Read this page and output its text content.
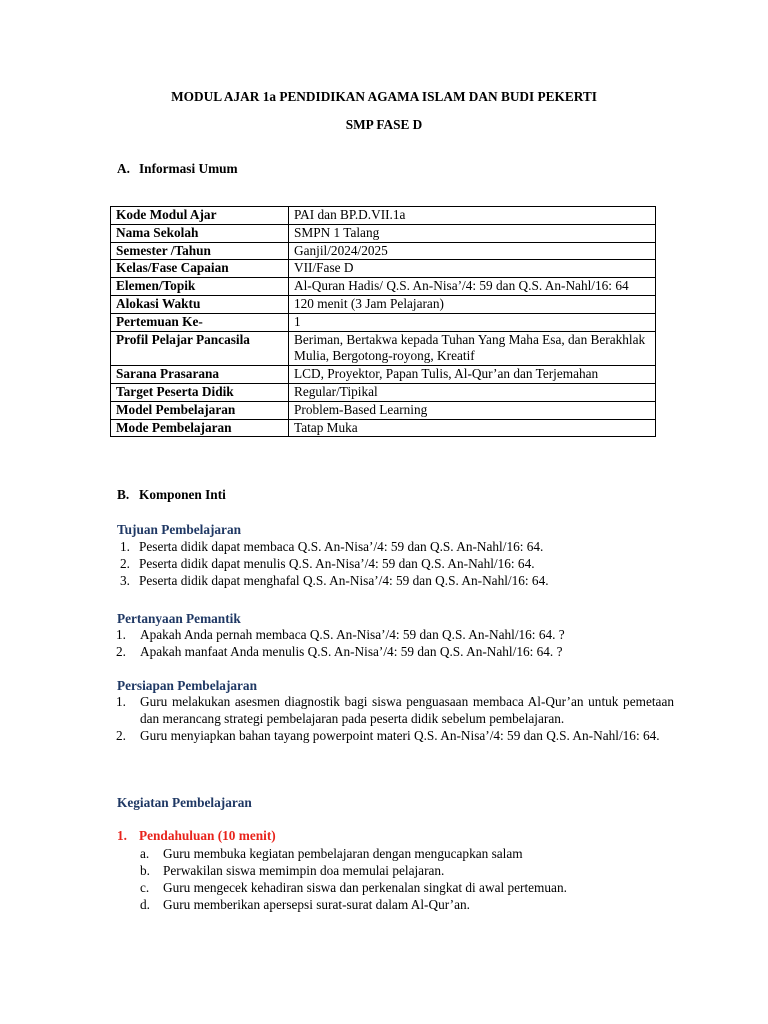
MODUL AJAR 1a PENDIDIKAN AGAMA ISLAM DAN BUDI PEKERTI
SMP FASE D
A. Informasi Umum
Kode Modul Ajar	PAI dan BP.D.VII.1a
Nama Sekolah	SMPN 1 Talang
Semester /Tahun	Ganjil/2024/2025
Kelas/Fase Capaian	VII/Fase D
Elemen/Topik	Al-Quran Hadis/ Q.S. An-Nisa’/4: 59 dan Q.S. An-Nahl/16: 64
Alokasi Waktu	120 menit (3 Jam Pelajaran)
Pertemuan Ke-	1
Profil Pelajar Pancasila	Beriman, Bertakwa kepada Tuhan Yang Maha Esa, dan Berakhlak Mulia, Bergotong-royong, Kreatif
Sarana Prasarana	LCD, Proyektor, Papan Tulis, Al-Qur’an dan Terjemahan
Target Peserta Didik	Regular/Tipikal
Model Pembelajaran	Problem-Based Learning
Mode Pembelajaran	Tatap Muka
B. Komponen Inti
Tujuan Pembelajaran
1. Peserta didik dapat membaca Q.S. An-Nisa’/4: 59 dan Q.S. An-Nahl/16: 64.
2. Peserta didik dapat menulis Q.S. An-Nisa’/4: 59 dan Q.S. An-Nahl/16: 64.
3. Peserta didik dapat menghafal Q.S. An-Nisa’/4: 59 dan Q.S. An-Nahl/16: 64.
Pertanyaan Pemantik
1. Apakah Anda pernah membaca Q.S. An-Nisa’/4: 59 dan Q.S. An-Nahl/16: 64. ?
2. Apakah manfaat Anda menulis Q.S. An-Nisa’/4: 59 dan Q.S. An-Nahl/16: 64. ?
Persiapan Pembelajaran
1. Guru melakukan asesmen diagnostik bagi siswa penguasaan membaca Al-Qur’an untuk pemetaan dan merancang strategi pembelajaran pada peserta didik sebelum pembelajaran.
2. Guru menyiapkan bahan tayang powerpoint materi Q.S. An-Nisa’/4: 59 dan Q.S. An-Nahl/16: 64.
Kegiatan Pembelajaran
1. Pendahuluan (10 menit)
a. Guru membuka kegiatan pembelajaran dengan mengucapkan salam
b. Perwakilan siswa memimpin doa memulai pelajaran.
c. Guru mengecek kehadiran siswa dan perkenalan singkat di awal pertemuan.
d. Guru memberikan apersepsi surat-surat dalam Al-Qur’an.
